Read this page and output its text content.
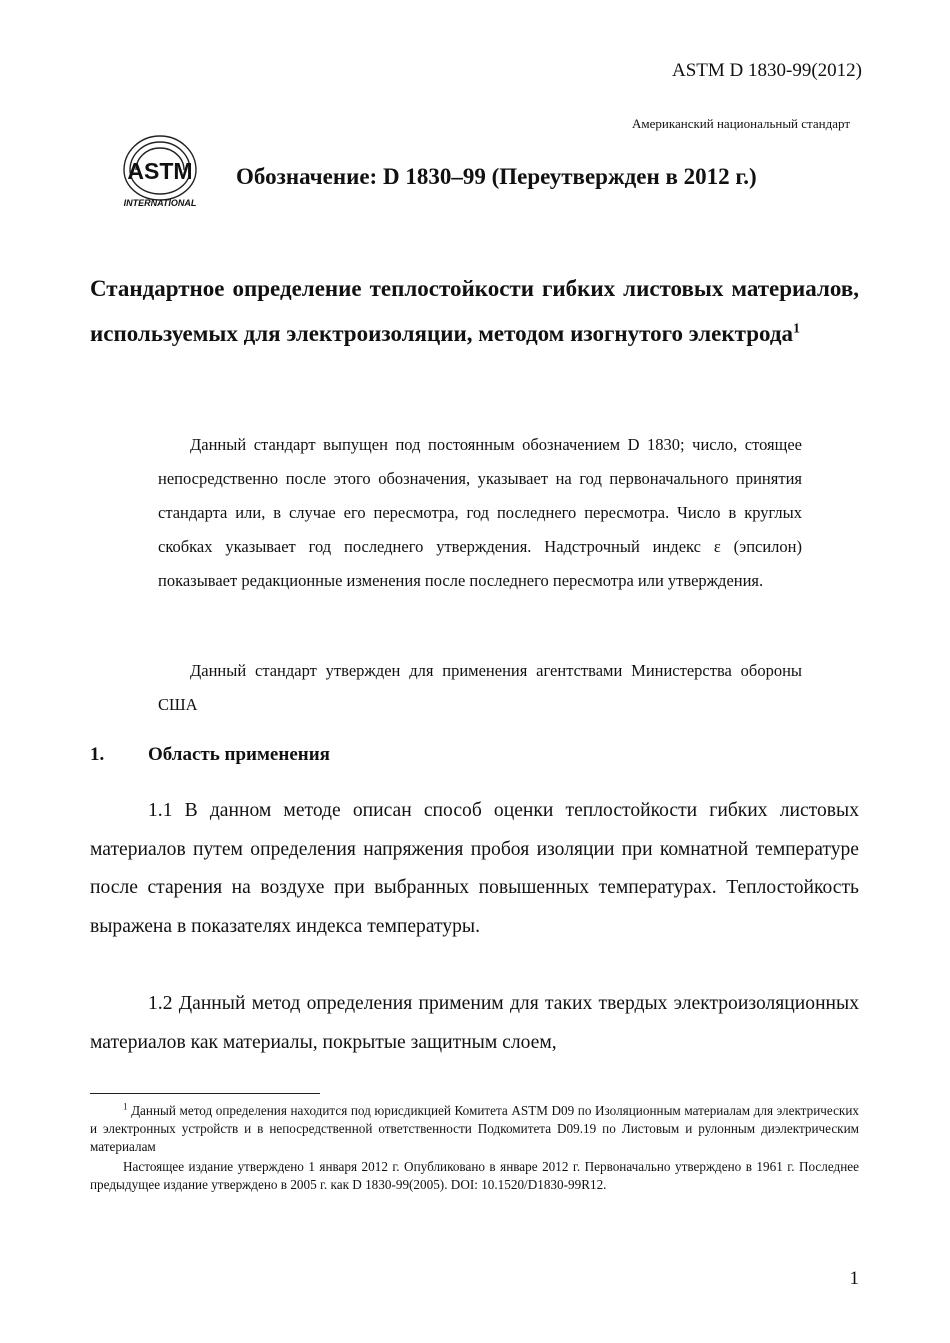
ASTM D 1830-99(2012)
Американский национальный стандарт
ASTM
INTERNATIONAL
Обозначение: D 1830–99 (Переутвержден в 2012 г.)
Стандартное определение теплостойкости гибких листовых материалов, используемых для электроизоляции, методом изогнутого электрода$^1$

Данный стандарт выпущен под постоянным обозначением D 1830; число, стоящее непосредственно после этого обозначения, указывает на год первоначального принятия стандарта или, в случае его пересмотра, год последнего пересмотра. Число в круглых скобках указывает год последнего утверждения. Надстрочный индекс ε (эпсилон) показывает редакционные изменения после последнего пересмотра или утверждения.

Данный стандарт утвержден для применения агентствами Министерства обороны США

1. Область применения

1.1 В данном методе описан способ оценки теплостойкости гибких листовых материалов путем определения напряжения пробоя изоляции при комнатной температуре после старения на воздухе при выбранных повышенных температурах. Теплостойкость выражена в показателях индекса температуры.

1.2 Данный метод определения применим для таких твердых электроизоляционных материалов как материалы, покрытые защитным слоем,

$^1$ Данный метод определения находится под юрисдикцией Комитета ASTM D09 по Изоляционным материалам для электрических и электронных устройств и в непосредственной ответственности Подкомитета D09.19 по Листовым и рулонным диэлектрическим материалам

Настоящее издание утверждено 1 января 2012 г. Опубликовано в январе 2012 г. Первоначально утверждено в 1961 г. Последнее предыдущее издание утверждено в 2005 г. как D 1830-99(2005). DOI: 10.1520/D1830-99R12.

1
